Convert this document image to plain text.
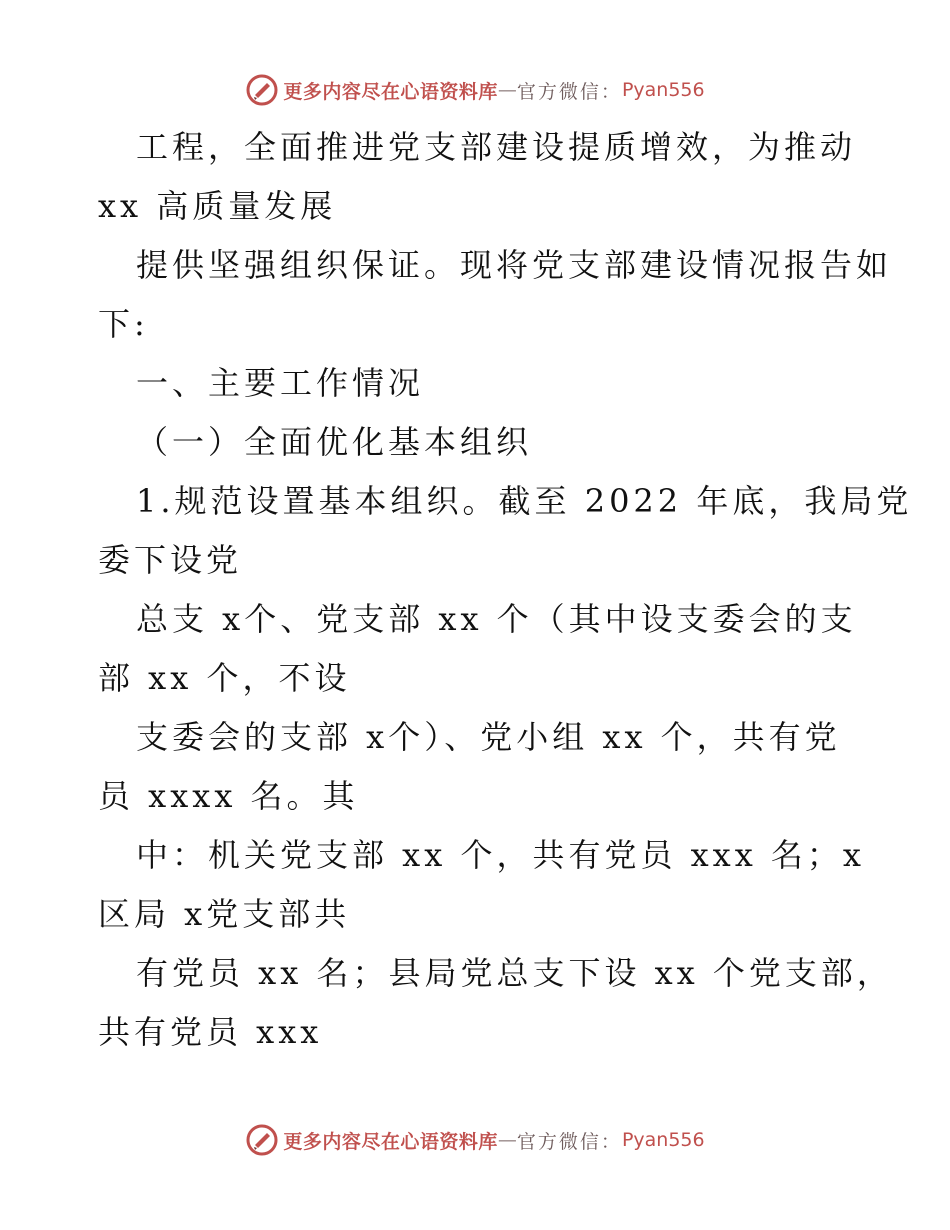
更多内容尽在心语资料库 — 官方微信： Pyan556
工程，全面推进党支部建设提质增效，为推动
xx 高质量发展
提供坚强组织保证。现将党支部建设情况报告如
下:
一、主要工作情况
（一）全面优化基本组织
1.规范设置基本组织。截至 2022 年底，我局党
委下设党
总支 x个、党支部 xx 个（其中设支委会的支
部 xx 个，不设
支委会的支部 x个）、党小组 xx 个，共有党
员 xxxx 名。其
中：机关党支部 xx 个，共有党员 xxx 名；x
区局 x党支部共
有党员 xx 名；县局党总支下设 xx 个党支部，
共有党员 xxx
更多内容尽在心语资料库 — 官方微信： Pyan556
